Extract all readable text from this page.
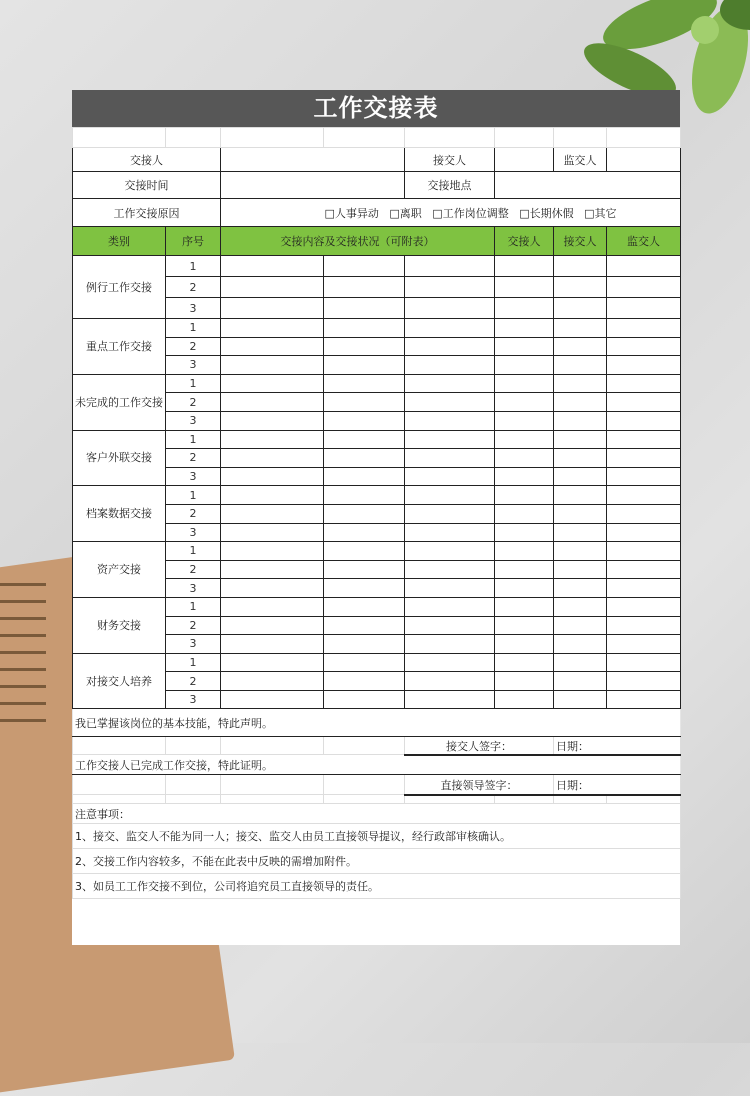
工作交接表

交接人				接交人		监交人	
交接时间				交接地点			
工作交接原因		□人事异动 □离职 □工作岗位调整 □长期休假 □其它					
类别	序号	交接内容及交接状况（可附表）			交接人	接交人	监交人
例行工作交接	1						
	2						
	3						
重点工作交接	1						
	2						
	3						
未完成的工作交接	1						
	2						
	3						
客户外联交接	1						
	2						
	3						
档案数据交接	1						
	2						
	3						
资产交接	1						
	2						
	3						
财务交接	1						
	2						
	3						
对接交人培养	1						
	2						
	3						
我已掌握该岗位的基本技能，特此声明。							
				接交人签字：		日期：	
工作交接人已完成工作交接，特此证明。							
				直接领导签字：		日期：	

注意事项：							
1、接交、监交人不能为同一人；接交、监交人由员工直接领导提议，经行政部审核确认。							
2、交接工作内容较多，不能在此表中反映的需增加附件。							
3、如员工工作交接不到位，公司将追究员工直接领导的责任。							
